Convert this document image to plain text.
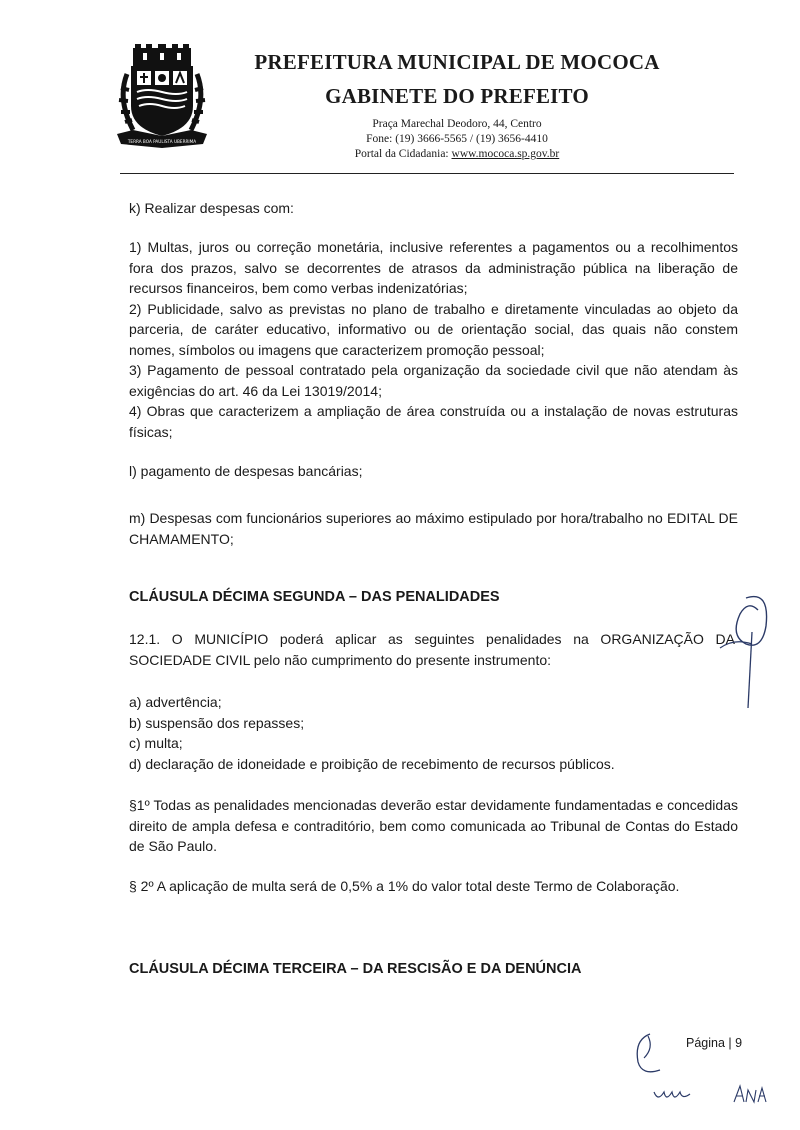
TERRA BOA PAULISTA UBERRIMA
PREFEITURA MUNICIPAL DE MOCOCA
GABINETE DO PREFEITO
Praça Marechal Deodoro, 44, Centro
Fone: (19) 3666-5565 / (19) 3656-4410
Portal da Cidadania: www.mococa.sp.gov.br
k) Realizar despesas com:

1) Multas, juros ou correção monetária, inclusive referentes a pagamentos ou a recolhimentos fora dos prazos, salvo se decorrentes de atrasos da administração pública na liberação de recursos financeiros, bem como verbas indenizatórias;

2) Publicidade, salvo as previstas no plano de trabalho e diretamente vinculadas ao objeto da parceria, de caráter educativo, informativo ou de orientação social, das quais não constem nomes, símbolos ou imagens que caracterizem promoção pessoal;

3) Pagamento de pessoal contratado pela organização da sociedade civil que não atendam às exigências do art. 46 da Lei 13019/2014;

4) Obras que caracterizem a ampliação de área construída ou a instalação de novas estruturas físicas;

l) pagamento de despesas bancárias;
m) Despesas com funcionários superiores ao máximo estipulado por hora/trabalho no EDITAL DE CHAMAMENTO;
CLÁUSULA DÉCIMA SEGUNDA – DAS PENALIDADES
12.1. O MUNICÍPIO poderá aplicar as seguintes penalidades na ORGANIZAÇÃO DA SOCIEDADE CIVIL pelo não cumprimento do presente instrumento:

a) advertência;

b) suspensão dos repasses;

c) multa;

d) declaração de idoneidade e proibição de recebimento de recursos públicos.

§1º Todas as penalidades mencionadas deverão estar devidamente fundamentadas e concedidas direito de ampla defesa e contraditório, bem como comunicada ao Tribunal de Contas do Estado de São Paulo.
§ 2º A aplicação de multa será de 0,5% a 1% do valor total deste Termo de Colaboração.
CLÁUSULA DÉCIMA TERCEIRA – DA RESCISÃO E DA DENÚNCIA
Página | 9
